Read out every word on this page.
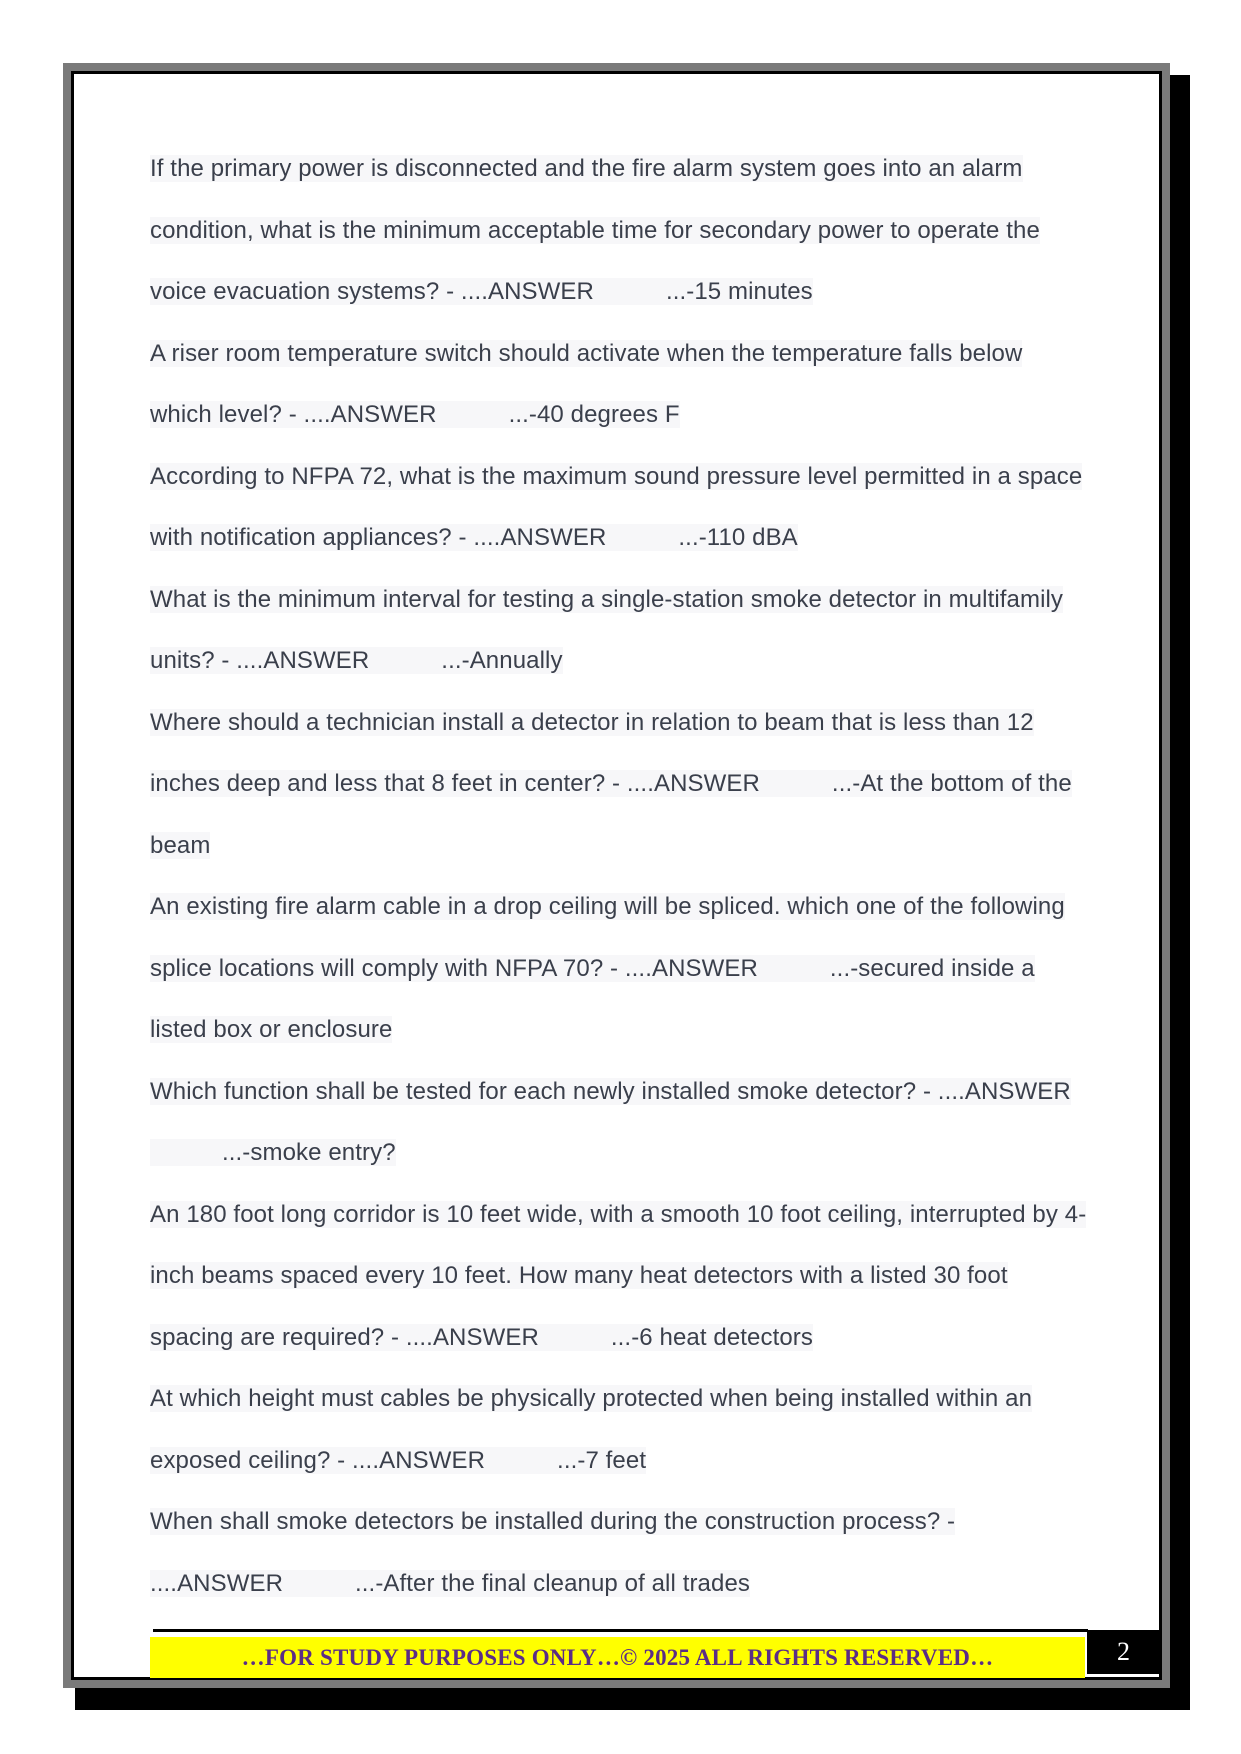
If the primary power is disconnected and the fire alarm system goes into an alarm condition, what is the minimum acceptable time for secondary power to operate the voice evacuation systems? - ....ANSWER	...-15 minutes

A riser room temperature switch should activate when the temperature falls below which level? - ....ANSWER	...-40 degrees F

According to NFPA 72, what is the maximum sound pressure level permitted in a space with notification appliances? - ....ANSWER	...-110 dBA

What is the minimum interval for testing a single-station smoke detector in multifamily units? - ....ANSWER	...-Annually

Where should a technician install a detector in relation to beam that is less than 12 inches deep and less that 8 feet in center? - ....ANSWER	...-At the bottom of the beam

An existing fire alarm cable in a drop ceiling will be spliced. which one of the following splice locations will comply with NFPA 70? - ....ANSWER	...-secured inside a listed box or enclosure

Which function shall be tested for each newly installed smoke detector? - ....ANSWER...-smoke entry?

An 180 foot long corridor is 10 feet wide, with a smooth 10 foot ceiling, interrupted by 4-inch beams spaced every 10 feet. How many heat detectors with a listed 30 foot spacing are required? - ....ANSWER	...-6 heat detectors

At which height must cables be physically protected when being installed within an exposed ceiling? - ....ANSWER	...-7 feet

When shall smoke detectors be installed during the construction process? - ....ANSWER	...-After the final cleanup of all trades

…FOR STUDY PURPOSES ONLY…© 2025 ALL RIGHTS RESERVED…	2
